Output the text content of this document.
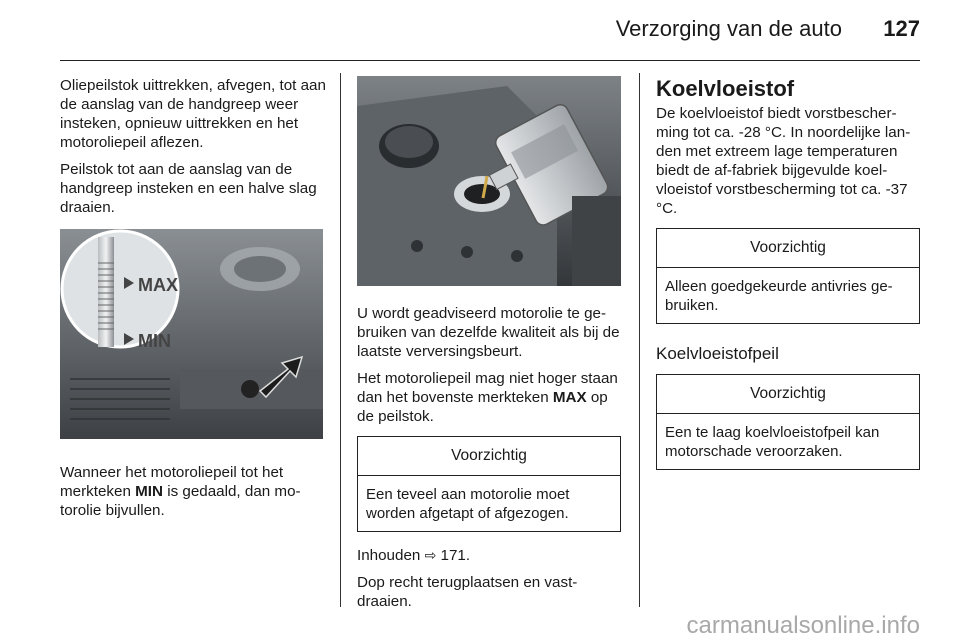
Verzorging van de auto 127

Oliepeilstok uittrekken, afvegen, tot aan de aanslag van de handgreep weer insteken, opnieuw uittrekken en het motoroliepeil aflezen.

Peilstok tot aan de aanslag van de handgreep insteken en een halve slag draaien.

MAX
MIN

Wanneer het motoroliepeil tot het merkteken MIN is gedaald, dan mo-torolie bijvullen.

U wordt geadviseerd motorolie te ge-bruiken van dezelfde kwaliteit als bij de laatste verversingsbeurt.

Het motoroliepeil mag niet hoger staan dan het bovenste merkteken MAX op de peilstok.

Voorzichtig
Een teveel aan motorolie moet worden afgetapt of afgezogen.

Inhouden ⇨ 171.

Dop recht terugplaatsen en vast-draaien.

Koelvloeistof

De koelvloeistof biedt vorstbescher-ming tot ca. -28 °C. In noordelijke lan-den met extreem lage temperaturen biedt de af-fabriek bijgevulde koel-vloeistof vorstbescherming tot ca. -37 °C.

Voorzichtig
Alleen goedgekeurde antivries ge-bruiken.
Koelvloeistofpeil
Voorzichtig
Een te laag koelvloeistofpeil kan motorschade veroorzaken.
carmanualsonline.info
